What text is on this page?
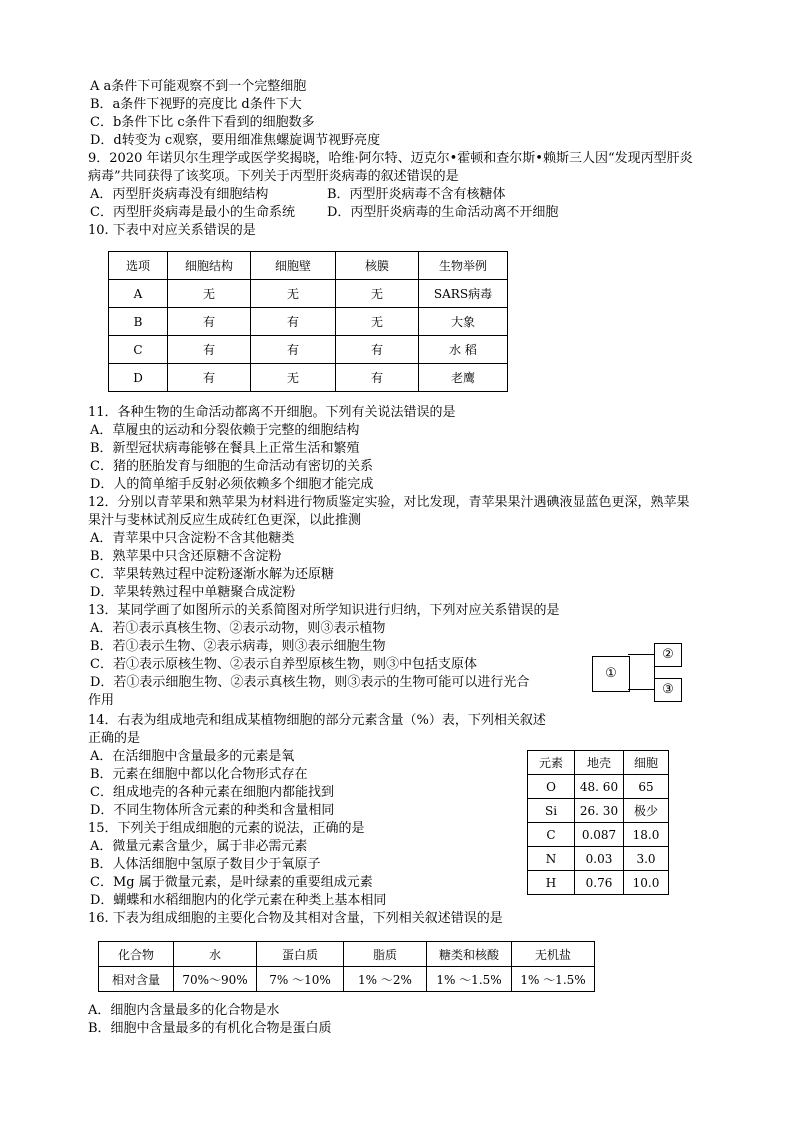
A a条件下可能观察不到一个完整细胞
B．a条件下视野的亮度比 d条件下大
C．b条件下比 c条件下看到的细胞数多
D．d转变为 c观察，要用细准焦螺旋调节视野亮度
9．2020 年诺贝尔生理学或医学奖揭晓，哈维·阿尔特、迈克尔•霍顿和查尔斯•赖斯三人因“发现丙型肝炎
病毒”共同获得了该奖项。下列关于丙型肝炎病毒的叙述错误的是
A．丙型肝炎病毒没有细胞结构	B．丙型肝炎病毒不含有核糖体
C．丙型肝炎病毒是最小的生命系统 D．丙型肝炎病毒的生命活动离不开细胞
10. 下表中对应关系错误的是
选项	细胞结构	细胞壁	核膜	生物举例
A	无	无	无	SARS病毒
B	有	有	无	大象
C	有	有	有	水 稻
D	有	无	有	老鹰
11．各种生物的生命活动都离不开细胞。下列有关说法错误的是
A．草履虫的运动和分裂依赖于完整的细胞结构
B．新型冠状病毒能够在餐具上正常生活和繁殖
C．猪的胚胎发育与细胞的生命活动有密切的关系
D．人的简单缩手反射必须依赖多个细胞才能完成
12．分别以青苹果和熟苹果为材料进行物质鉴定实验，对比发现，青苹果果汁遇碘液显蓝色更深，熟苹果
果汁与斐林试剂反应生成砖红色更深，以此推测
A．青苹果中只含淀粉不含其他糖类
B．熟苹果中只含还原糖不含淀粉
C．苹果转熟过程中淀粉逐渐水解为还原糖
D．苹果转熟过程中单糖聚合成淀粉
13．某同学画了如图所示的关系简图对所学知识进行归纳，下列对应关系错误的是
A．若①表示真核生物、②表示动物，则③表示植物
B．若①表示生物、②表示病毒，则③表示细胞生物
C．若①表示原核生物、②表示自养型原核生物，则③中包括支原体
D．若①表示细胞生物、②表示真核生物，则③表示的生物可能可以进行光合
作用
①
②
③
14．右表为组成地壳和组成某植物细胞的部分元素含量（%）表，下列相关叙述
正确的是
A．在活细胞中含量最多的元素是氧
B．元素在细胞中都以化合物形式存在
C．组成地壳的各种元素在细胞内都能找到
D．不同生物体所含元素的种类和含量相同
元素	地壳	细胞
O	48. 60	65
Si	26. 30	极少
C	0.087	18.0
N	0.03	3.0
H	0.76	10.0
15．下列关于组成细胞的元素的说法，正确的是
A．微量元素含量少，属于非必需元素
B．人体活细胞中氢原子数目少于氧原子
C．Mg 属于微量元素，是叶绿素的重要组成元素
D．蝴蝶和水稻细胞内的化学元素在种类上基本相同
16. 下表为组成细胞的主要化合物及其相对含量，下列相关叙述错误的是
化合物	水	蛋白质	脂质	糖类和核酸	无机盐
相对含量	70%～90%	7% ～10%	1% ～2%	1% ～1.5%	1% ～1.5%
A．细胞内含量最多的化合物是水
B．细胞中含量最多的有机化合物是蛋白质
